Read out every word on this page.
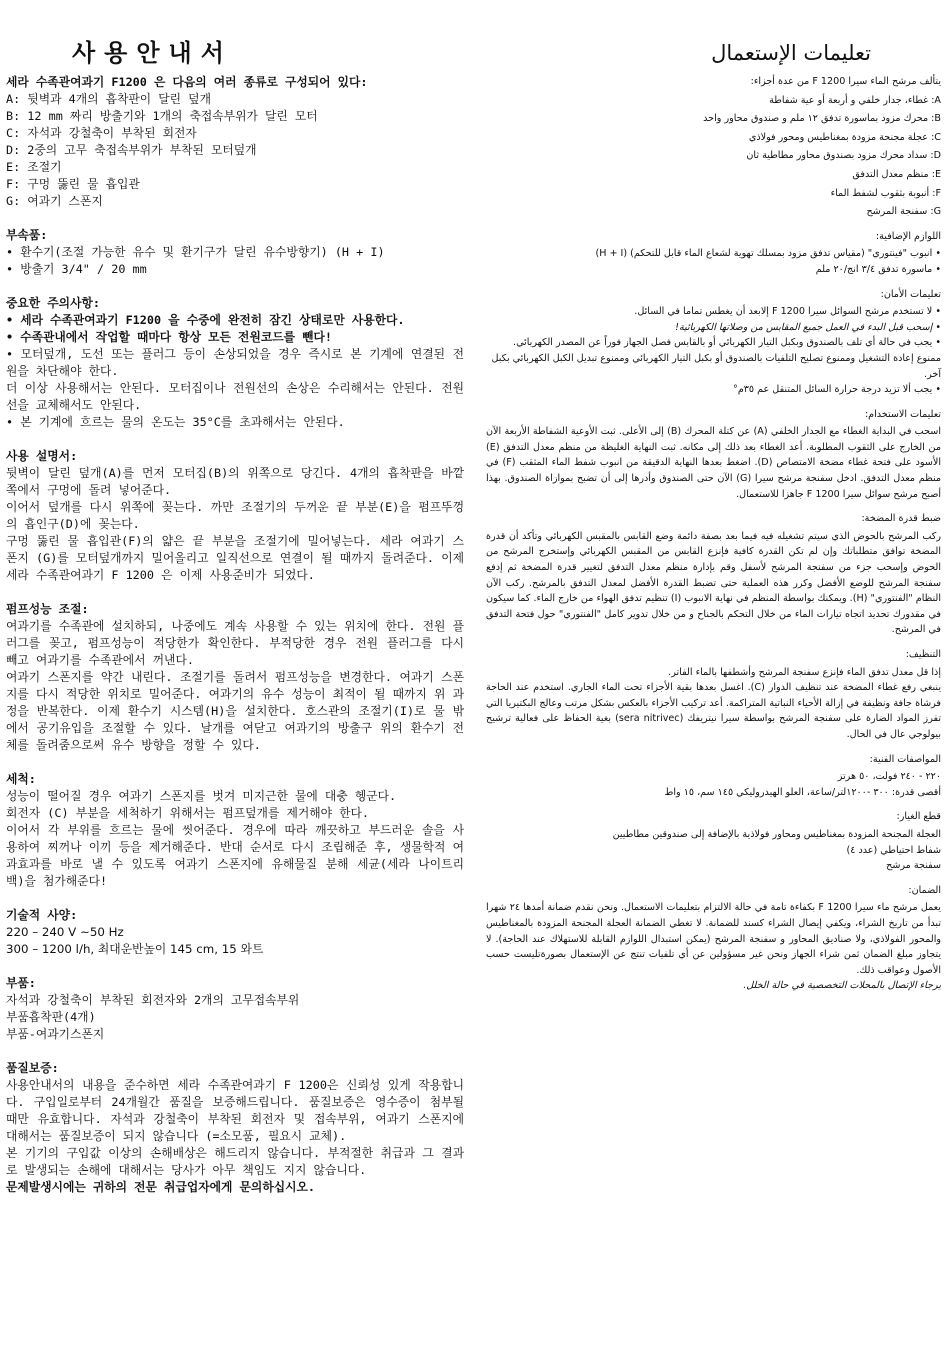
사용안내서

세라 수족관여과기 F1200 은 다음의 여러 종류로 구성되어 있다:

A: 뒷벽과 4개의 흡착판이 달린 덮개
B: 12 mm 짜리 방출기와 1개의 축접속부위가 달린 모터
C: 자석과 강철축이 부착된 회전자
D: 2중의 고무 축접속부위가 부착된 모터덮개
E: 조절기
F: 구멍 뚫린 물 흡입관
G: 여과기 스폰지

부속품:

• 환수기(조절 가능한 유수 및 환기구가 달린 유수방향기) (H + I)
• 방출기 3/4" / 20 mm

중요한 주의사항:

• 세라 수족관여과기 F1200 을 수중에 완전히 잠긴 상태로만 사용한다.

• 수족관내에서 작업할 때마다 항상 모든 전원코드를 뺀다!

• 모터덮개, 도선 또는 플러그 등이 손상되었을 경우 즉시로 본 기계에 연결된 전원을 차단해야 한다.

더 이상 사용해서는 안된다. 모터집이나 전원선의 손상은 수리해서는 안된다. 전원선을 교체해서도 안된다.

• 본 기계에 흐르는 물의 온도는 35°C를 초과해서는 안된다.

사용 설명서:

뒷벽이 달린 덮개(A)를 먼저 모터집(B)의 위쪽으로 당긴다. 4개의 흡착판을 바깥쪽에서 구멍에 돌려 넣어준다.

이어서 덮개를 다시 위쪽에 꽂는다. 까만 조절기의 두꺼운 끝 부분(E)을 펌프뚜껑의 흡인구(D)에 꽂는다.

구멍 뚫린 물 흡입관(F)의 얇은 끝 부분을 조절기에 밀어넣는다. 세라 여과기 스폰지 (G)를 모터덮개까지 밀어올리고 일직선으로 연결이 될 때까지 돌려준다. 이제 세라 수족관여과기 F 1200 은 이제 사용준비가 되었다.

펌프성능 조절:

여과기를 수족관에 설치하되, 나중에도 계속 사용할 수 있는 위치에 한다. 전원 플러그를 꽂고, 펌프성능이 적당한가 확인한다. 부적당한 경우 전원 플러그를 다시 빼고 여과기를 수족관에서 꺼낸다.

여과기 스폰지를 약간 내린다. 조절기를 돌려서 펌프성능을 변경한다. 여과기 스폰지를 다시 적당한 위치로 밀어준다. 여과기의 유수 성능이 최적이 될 때까지 위 과정을 반복한다. 이제 환수기 시스템(H)을 설치한다. 호스관의 조절기(I)로 물 밖에서 공기유입을 조절할 수 있다. 날개를 여닫고 여과기의 방출구 위의 환수기 전체를 돌려줌으로써 유수 방향을 정할 수 있다.

세척:

성능이 떨어질 경우 여과기 스폰지를 벗겨 미지근한 물에 대충 헹군다.

회전자 (C) 부분을 세척하기 위해서는 펌프덮개를 제거해야 한다.

이어서 각 부위를 흐르는 물에 씻어준다. 경우에 따라 깨끗하고 부드러운 솔을 사용하여 찌꺼나 이끼 등을 제거해준다. 반대 순서로 다시 조립해준 후, 생물학적 여과효과를 바로 낼 수 있도록 여과기 스폰지에 유해물질 분해 세균(세라 나이트리백)을 첨가해준다!

기술적 사양:

220 – 240 V ~50 Hz
300 – 1200 l/h, 최대운반높이 145 cm, 15 와트

부품:

자석과 강철축이 부착된 회전자와 2개의 고무접속부위
부품흡착판(4개)
부품-여과기스폰지

품질보증:

사용안내서의 내용을 준수하면 세라 수족관여과기 F 1200은 신뢰성 있게 작용합니다. 구입일로부터 24개월간 품질을 보증해드립니다. 품질보증은 영수증이 첨부될 때만 유효합니다. 자석과 강철축이 부착된 회전자 및 접속부위, 여과기 스폰지에 대해서는 품질보증이 되지 않습니다 (=소모품, 필요시 교체).

본 기기의 구입값 이상의 손해배상은 해드리지 않습니다. 부적절한 취급과 그 결과로 발생되는 손해에 대해서는 당사가 아무 책임도 지지 않습니다.

문제발생시에는 귀하의 전문 취급업자에게 문의하십시오.

تعليمات الإستعمال
يتألف مرشح الماء سيرا F 1200 من عدة أجزاء:
A: غطاء، جدار خلفي و أربعة أو عية شفاطة
B: محرك مزود بماسورة تدفق ١٢ ملم و صندوق محاور واحد
C: عجلة مجنحة مزودة بمغناطيس ومحور فولاذي
D: سداد محرك مزود بصندوق محاور مطاطية ثان
E: منظم معدل التدفق
F: أنبوبة بثقوب لشفط الماء
G: سفنجة المرشح
اللوازم الإضافية:
• انبوب "فينتوري" (مقياس تدفق مزود بمسلك تهوية لشعاع الماء قابل للتحكم) (H + I)
• ماسورة تدفق ٣/٤ انج/٢٠ ملم
تعليمات الأمان:
• لا تستخدم مرشح السوائل سيرا F 1200 إلابعد أن يغطس تماما في السائل.
• إسحب قبل البدء في العمل جميع المقابس من وصلاتها الكهربائية!
• يجب في حالة أي تلف بالصندوق وبكبل التيار الكهربائي أو بالقابس فصل الجهاز فوراً عن المصدر الكهربائي. ممنوع إعادة التشغيل وممنوع تصليح التلفيات بالصندوق أو بكبل التيار الكهربائي وممنوع تبديل الكبل الكهربائي بكبل آخر.
• يجب ألا تزيد درجة حرارة السائل المتنقل عم ٣٥م°
تعليمات الاستخدام:
اسحب في البداية الغطاء مع الجدار الخلفي (A) عن كتلة المحرك (B) إلى الأعلى. ثبت الأوعية الشفاطة الأربعة الآن من الخارج على الثقوب المطلوبة. أعد الغطاء بعد ذلك إلى مكانه. ثبت النهاية الغليظة من منظم معدل التدفق (E) الأسود على فتحة غطاء مضخة الامتصاص (D). اضغط بعدها النهاية الدقيقة من انبوب شفط الماء المثقب (F) في منظم معدل التدفق. ادخل سفنجة مرشح سيرا (G) الآن حتى الصندوق وأدرها إلى أن تضبح بموازاة الصندوق. بهذا أصبح مرشح سوائل سيرا F 1200 جاهزا للاستعمال.
ضبط قدرة المضخة:
ركب المرشح بالحوض الذي سيتم تشغيله فيه فيما بعد بصفة دائمة وضع القابس بالمقبس الكهربائي وتأكد أن قدرة المضخة توافق متطلباتك وإن لم تكن القدرة كافية فإنزع القابس من المقبس الكهربائي وإستخرج المرشح من الحوض وإسحب جزء من سفنجة المرشح لأسفل وقم بإدارة منظم معدل التدفق لتغيير قدرة المضخة ثم إدفع سفنجة المرشح للوضع الأفضل وكرر هذه العملية حتى تضبط القدرة الأفضل لمعدل التدفق بالمرشح. ركب الآن النظام "الفنتوري" (H). ويمكنك بواسطة المنظم في نهاية الانبوب (I) تنظيم تدفق الهواء من خارج الماء. كما سيكون في مقدورك تحديد اتجاه تيارات الماء من خلال التحكم بالجناح و من خلال تدوير كامل "الفنتوري" حول فتحة التدفق في المرشح.
التنظيف:
إذا قل معدل تدفق الماء فإنزع سفنجة المرشح وأشطفها بالماء الفاتر.
ينبغي رفع غطاء المضخة عند تنظيف الدوار (C). اغسل بعدها بقية الأجزاء تحت الماء الجاري. استخدم عند الحاجة فرشاة جافة ونظيفة في إزالة الأحياء النباتية المتراكمة. أعد تركيب الأجزاء بالعكس بشكل مرتب وعالج البكتيريا التي تفرز المواد الضارة على سفنجة المرشح بواسطة سيرا نيتريفك (sera nitrivec) بغية الحفاظ على فعالية ترشيح بيولوجي عال في الحال.
المواصفات الفنية:
٢٢٠ - ٢٤٠ فولت، ٥٠ هرتز
أقصى قدرة: ٣٠٠ -١٢٠٠لتر/ساعة، العلو الهيدروليكي ١٤٥ سم، ١٥ واط
قطع الغيار:
العجلة المجنحة المزودة بمغناطيس ومحاور فولاذية بالإضافة إلى صندوقين مطاطيين
شفاط احتياطي (عدد ٤)
سفنجة مرشح
الضمان:
يعمل مرشح ماء سيرا F 1200 بكفاءة تامة في حالة الالتزام بتعليمات الاستعمال. ونحن نقدم ضمانة أمدها ٢٤ شهرا تبدأ من تاريخ الشراء، ويكفي إيصال الشراء كسند للضمانة. لا تغطي الضمانة العجلة المجنحة المزودة بالمغناطيس والمحور الفولاذي، ولا صناديق المحاور و سفنجة المرشح (يمكن استبدال اللوازم القابلة للاستهلاك عند الحاجة). لا يتجاوز مبلغ الضمان ثمن شراء الجهاز ونحن غير مسؤولين عن أي تلفيات تنتج عن الإستعمال بصورةتليست حسب الأصول وعواقب ذلك.
يرجاء الإتصال بالمحلات التخصصية في حالة الخلل.
